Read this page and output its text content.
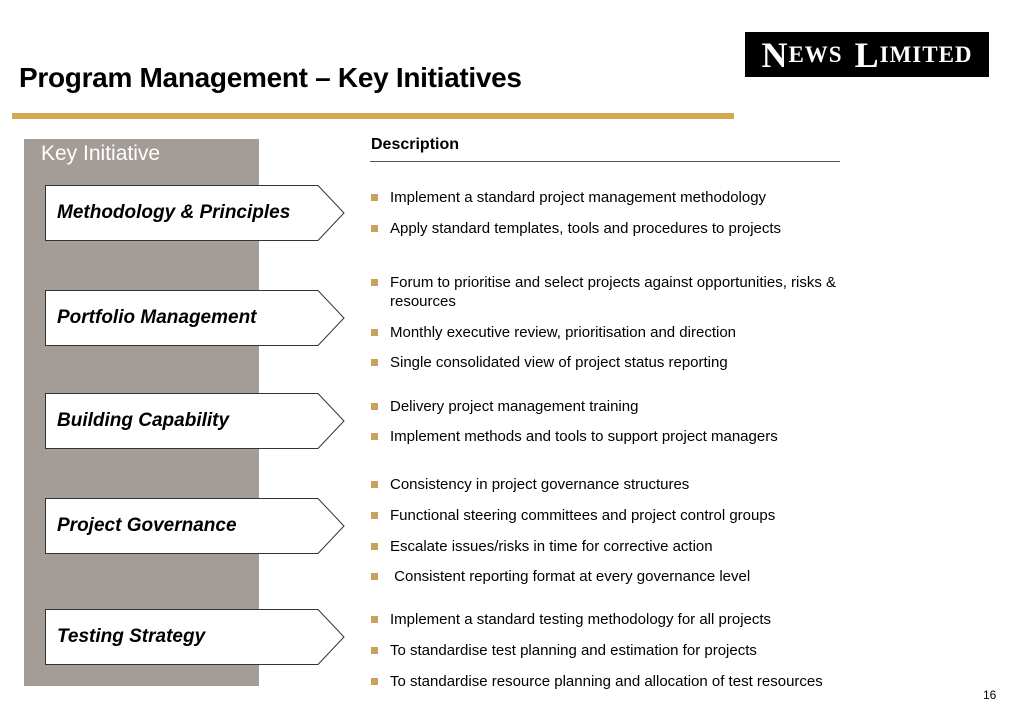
Program Management – Key Initiatives
N EWS L IMITED
Key Initiative
Methodology & Principles
Portfolio Management
Building Capability
Project Governance
Testing Strategy
Description
Implement a standard project management methodology
Apply standard templates, tools and procedures to projects
Forum to prioritise and select projects against opportunities, risks & resources
Monthly executive review, prioritisation and direction
Single consolidated view of project status reporting
Delivery project management training
Implement methods and tools to support project managers
Consistency in project governance structures
Functional steering committees and project control groups
Escalate issues/risks in time for corrective action
Consistent reporting format at every governance level
Implement a standard testing methodology for all projects
To standardise test planning and estimation for projects
To standardise resource planning and allocation of test resources
16
